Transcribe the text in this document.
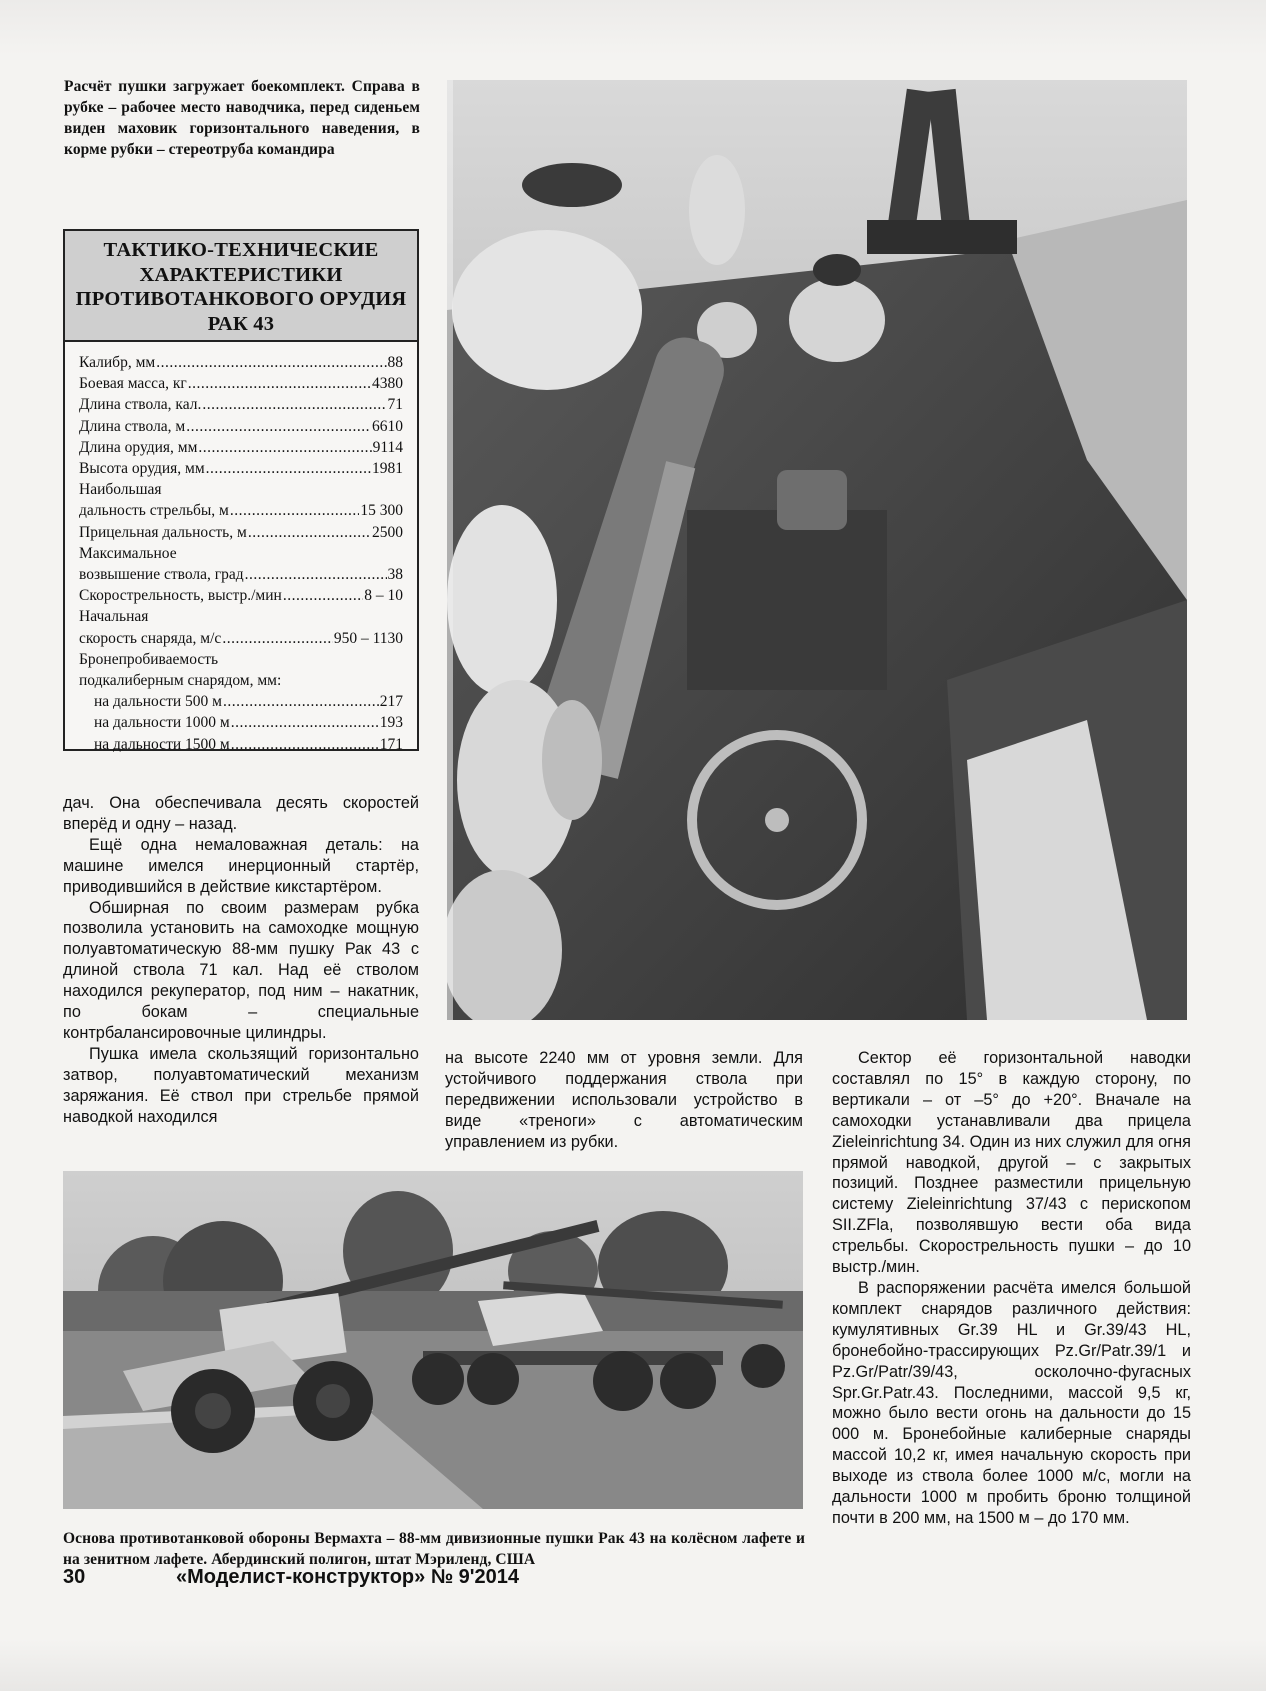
Расчёт пушки загружает боекомплект. Справа в рубке – рабочее место наводчика, перед сиденьем виден маховик горизонтального наведения, в корме рубки – стереотруба командира
ТАКТИКО-ТЕХНИЧЕСКИЕ
ХАРАКТЕРИСТИКИ
ПРОТИВОТАНКОВОГО ОРУДИЯ
РАК 43
Калибр, мм .....	88
Боевая масса, кг .....	4380
Длина ствола, кал. .....	71
Длина ствола, м .....	6610
Длина орудия, мм .....	9114
Высота орудия, мм .....	1981
Наибольшая
дальность стрельбы, м .....	15 300
Прицельная дальность, м .....	2500
Максимальное
возвышение ствола, град .....	38
Скорострельность, выстр./мин .....	8 – 10
Начальная
скорость снаряда, м/с .....	950 – 1130
Бронепробиваемость
подкалиберным снарядом, мм:
на дальности 500 м .....	217
на дальности 1000 м .....	193
на дальности 1500 м .....	171

дач. Она обеспечивала десять скоростей вперёд и одну – назад.

Ещё одна немаловажная деталь: на машине имелся инерционный стартёр, приводившийся в действие кикстартёром.

Обширная по своим размерам рубка позволила установить на самоходке мощную полуавтоматическую 88-мм пушку Рак 43 с длиной ствола 71 кал. Над её стволом находился рекуперaтор, под ним – накатник, по бокам – специальные контрбалансировочные цилиндры.

Пушка имела скользящий горизонтально затвор, полуавтоматический механизм заряжания. Её ствол при стрельбе прямой наводкой находился

на высоте 2240 мм от уровня земли. Для устойчивого поддержания ствола при передвижении использовали устройство в виде «треноги» с автоматическим управлением из рубки.

Сектор её горизонтальной наводки составлял по 15° в каждую сторону, по вертикали – от –5° до +20°. Вначале на самоходки устанавливали два прицела Zieleinrichtung 34. Один из них служил для огня прямой наводкой, другой – с закрытых позиций. Позднее разместили прицельную систему Zieleinrichtung 37/43 с перископом SII.ZFla, позволявшую вести оба вида стрельбы. Скорострельность пушки – до 10 выстр./мин.

В распоряжении расчёта имелся большой комплект снарядов различного действия: кумулятивных Gr.39 HL и Gr.39/43 HL, бронебойно-трассирующих Pz.Gr/Patr.39/1 и Pz.Gr/Patr/39/43, осколочно-фугасных Spr.Gr.Patr.43. Последними, массой 9,5 кг, можно было вести огонь на дальности до 15 000 м. Бронебойные калиберные снаряды массой 10,2 кг, имея начальную скорость при выходе из ствола более 1000 м/с, могли на дальности 1000 м пробить броню толщиной почти в 200 мм, на 1500 м – до 170 мм.

Основа противотанковой обороны Вермахта – 88-мм дивизионные пушки Рак 43 на колёсном лафете и на зенитном лафете. Абердинский полигон, штат Мэриленд, США
30	«Моделист-конструктор» № 9'2014
